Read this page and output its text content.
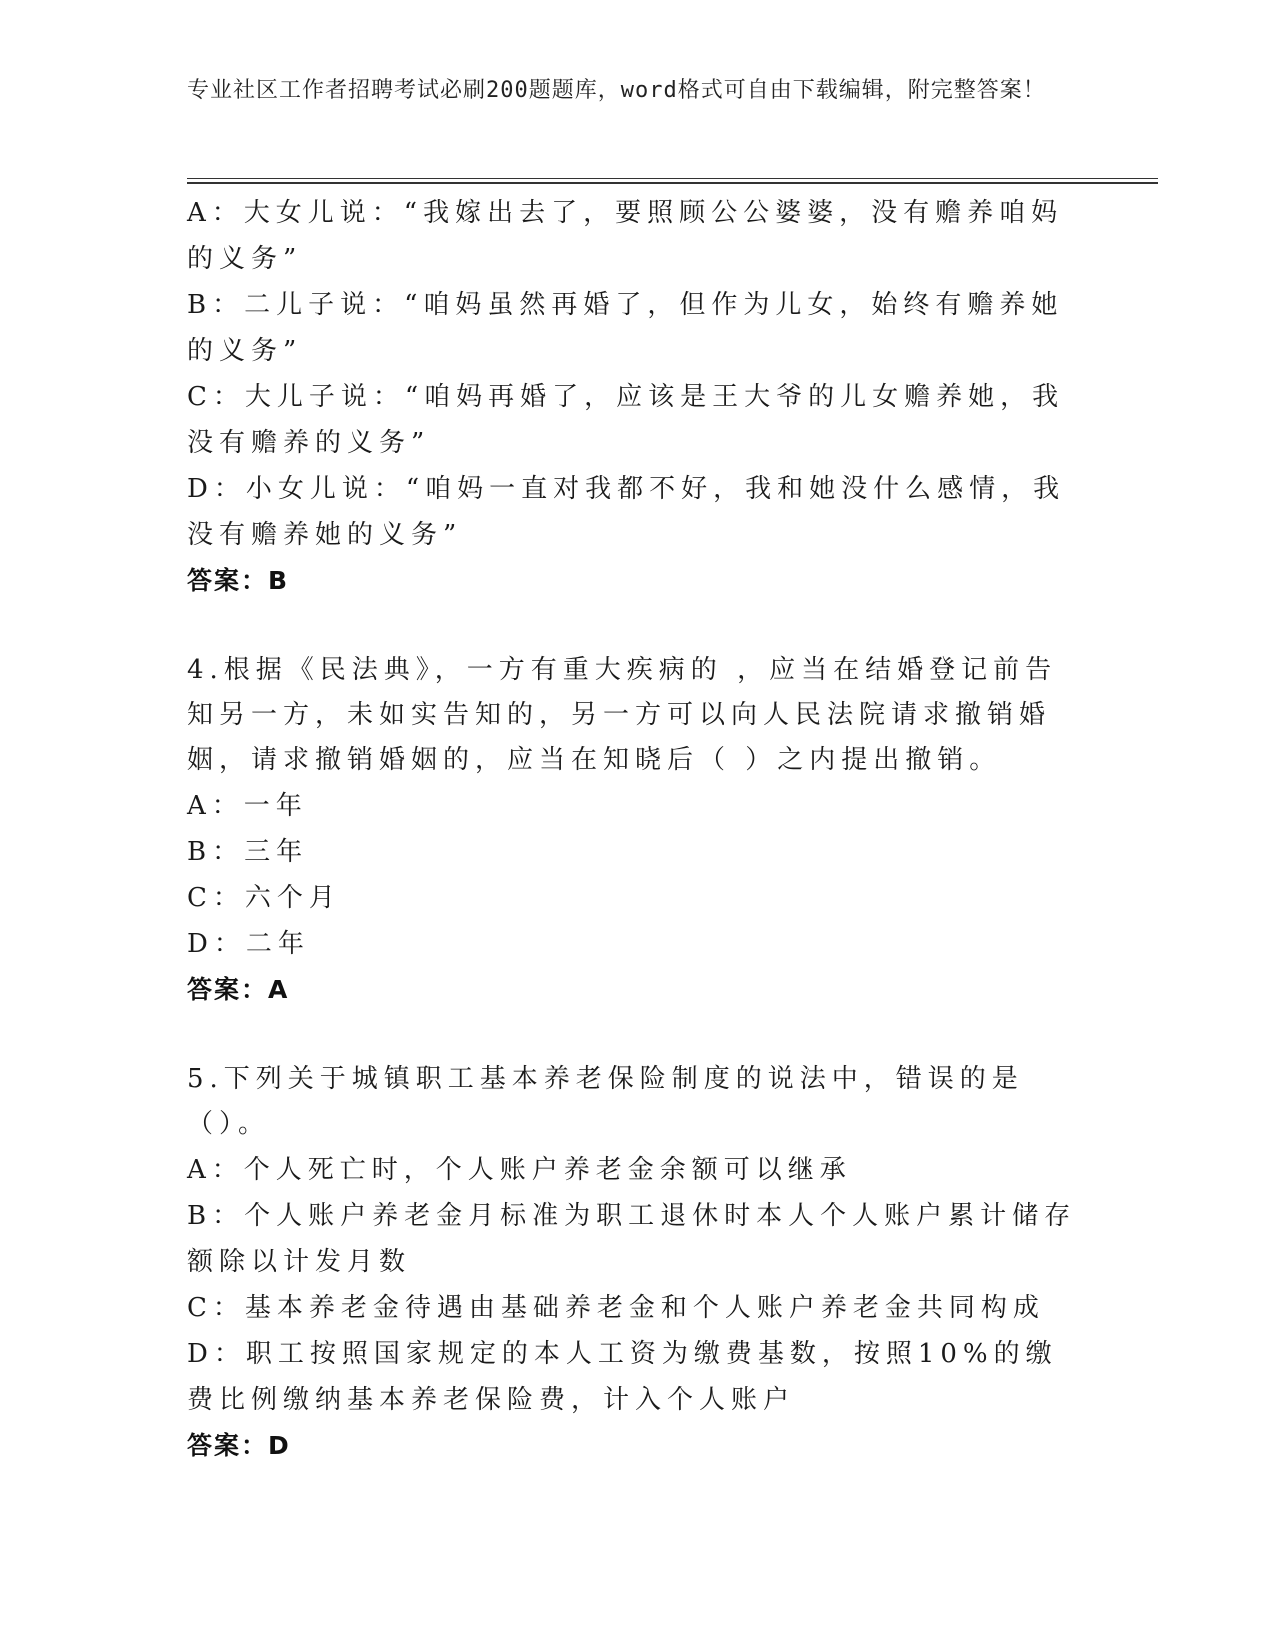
专业社区工作者招聘考试必刷200题题库，word格式可自由下载编辑，附完整答案！
A：大女儿说：“我嫁出去了，要照顾公公婆婆，没有赡养咱妈的义务”
B：二儿子说：“咱妈虽然再婚了，但作为儿女，始终有赡养她的义务”
C：大儿子说：“咱妈再婚了，应该是王大爷的儿女赡养她，我没有赡养的义务”
D：小女儿说：“咱妈一直对我都不好，我和她没什么感情，我没有赡养她的义务”
答案：B
4.根据《民法典》，一方有重大疾病的 ，应当在结婚登记前告知另一方，未如实告知的，另一方可以向人民法院请求撤销婚姻，请求撤销婚姻的，应当在知晓后（ ）之内提出撤销。
A：一年
B：三年
C：六个月
D：二年
答案：A
5.下列关于城镇职工基本养老保险制度的说法中，错误的是（）。
A：个人死亡时，个人账户养老金余额可以继承
B：个人账户养老金月标准为职工退休时本人个人账户累计储存额除以计发月数
C：基本养老金待遇由基础养老金和个人账户养老金共同构成
D：职工按照国家规定的本人工资为缴费基数，按照10%的缴费比例缴纳基本养老保险费，计入个人账户
答案：D
